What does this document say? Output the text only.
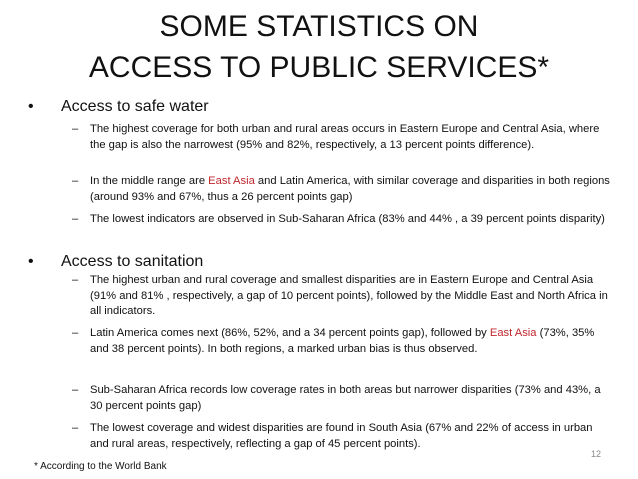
SOME STATISTICS ON
ACCESS TO PUBLIC SERVICES*
•	Access to safe water
– The highest coverage for both urban and rural areas occurs in Eastern Europe and Central Asia, where the gap is also the narrowest (95% and 82%, respectively, a 13 percent points difference).
– In the middle range are East Asia and Latin America, with similar coverage and disparities in both regions (around 93% and 67%, thus a 26 percent points gap)
– The lowest indicators are observed in Sub-Saharan Africa (83% and 44% , a 39 percent points disparity)
•	Access to sanitation
– The highest urban and rural coverage and smallest disparities are in Eastern Europe and Central Asia (91% and 81% , respectively, a gap of 10 percent points), followed by the Middle East and North Africa in all indicators.
– Latin America comes next (86%, 52%, and a 34 percent points gap), followed by East Asia (73%, 35% and 38 percent points). In both regions, a marked urban bias is thus observed.
– Sub-Saharan Africa records low coverage rates in both areas but narrower disparities (73% and 43%, a 30 percent points gap)
– The lowest coverage and widest disparities are found in South Asia (67% and 22% of access in urban and rural areas, respectively, reflecting a gap of 45 percent points).
12
* According to the World Bank
